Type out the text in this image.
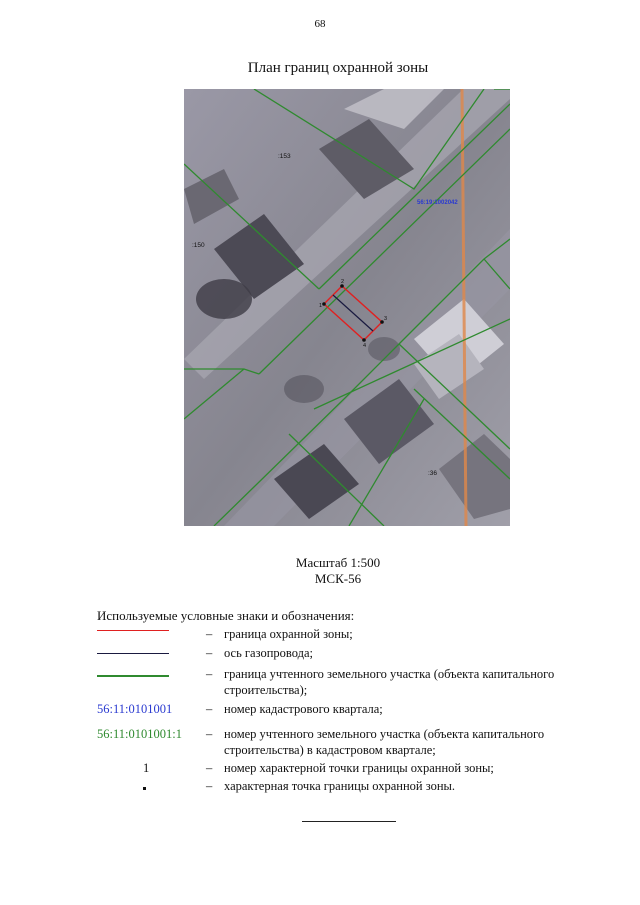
68
План границ охранной зоны
1
2
3
4
:153
:150
:36
56:19:1002042
Масштаб 1:500
МСК-56
Используемые условные знаки и обозначения:
– граница охранной зоны;
– ось газопровода;
– граница учтенного земельного участка (объекта капитального строительства);
56:11:0101001	– номер кадастрового квартала;
56:11:0101001:1 – номер учтенного земельного участка (объекта капитального строительства) в кадастровом квартале;
1	– номер характерной точки границы охранной зоны;
– характерная точка границы охранной зоны.
